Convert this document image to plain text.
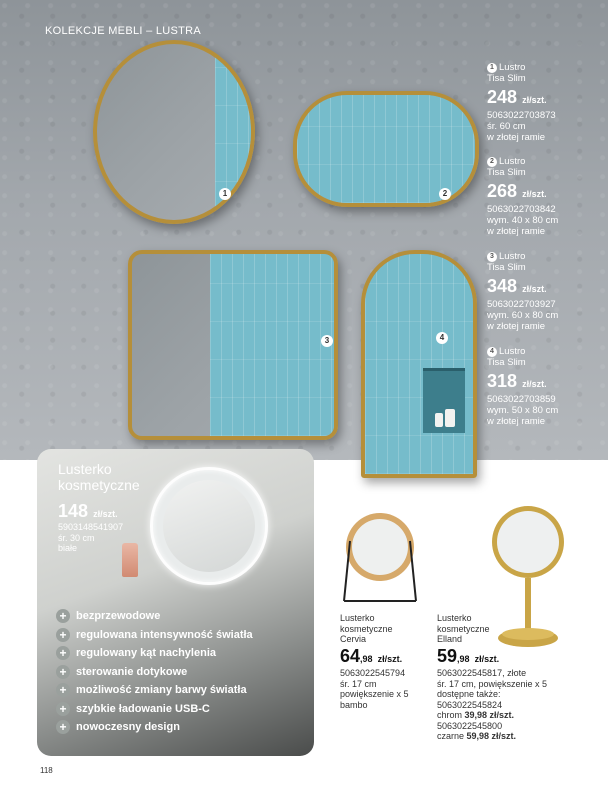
KOLEKCJE MEBLI – LUSTRA
1	2
3	4
1 Lustro
Tisa Slim
248 zł/szt.
5063022703873
śr. 60 cm
w złotej ramie
2 Lustro
Tisa Slim
268 zł/szt.
5063022703842
wym. 40 x 80 cm
w złotej ramie
3 Lustro
Tisa Slim
348 zł/szt.
5063022703927
wym. 60 x 80 cm
w złotej ramie
4 Lustro
Tisa Slim
318 zł/szt.
5063022703859
wym. 50 x 80 cm
w złotej ramie
Lusterko
kosmetyczne
148 zł/szt.
5903148541907
śr. 30 cm
białe
+ bezprzewodowe
+ regulowana intensywność światła
+ regulowany kąt nachylenia
+ sterowanie dotykowe
+ możliwość zmiany barwy światła
+ szybkie ładowanie USB-C
+ nowoczesny design
Lusterko
kosmetyczne
Cervia
64,98 zł/szt.
5063022545794
śr. 17 cm
powiększenie x 5
bambo
Lusterko
kosmetyczne
Elland
59,98 zł/szt.
5063022545817, złote
śr. 17 cm, powiększenie x 5
dostępne także:
5063022545824
chrom 39,98 zł/szt.
5063022545800
czarne 59,98 zł/szt.
118
